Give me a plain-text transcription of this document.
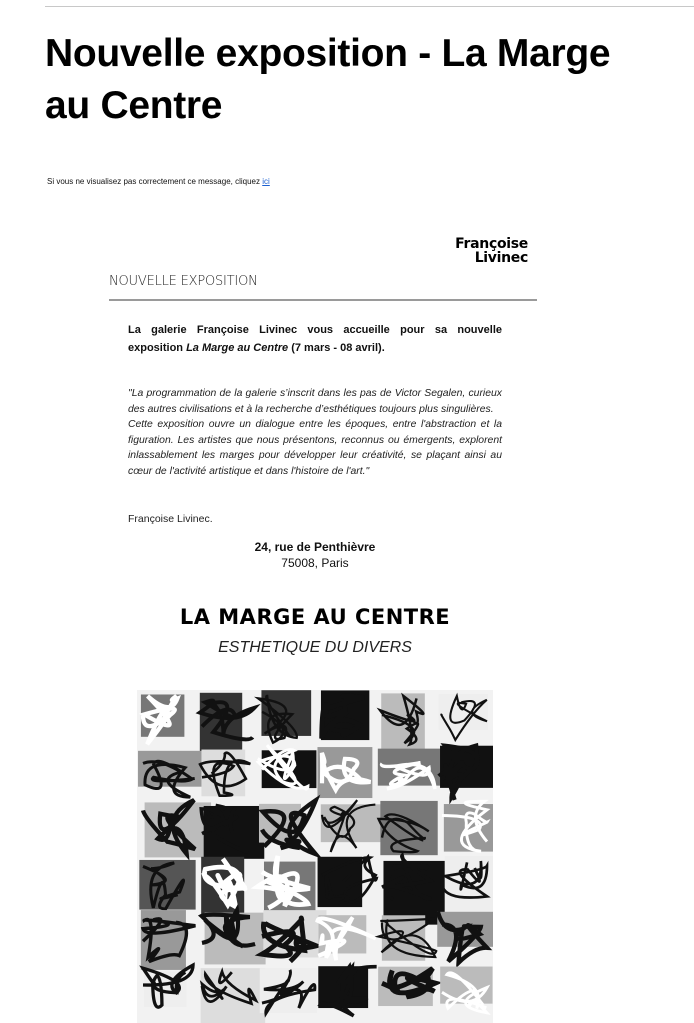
Nouvelle exposition - La Marge au Centre
Si vous ne visualisez pas correctement ce message, cliquez ici
Françoise
Livinec
NOUVELLE EXPOSITION
La galerie Françoise Livinec vous accueille pour sa nouvelle exposition La Marge au Centre (7 mars - 08 avril).

"La programmation de la galerie s’inscrit dans les pas de Victor Segalen, curieux des autres civilisations et à la recherche d’esthétiques toujours plus singulières.

Cette exposition ouvre un dialogue entre les époques, entre l'abstraction et la figuration. Les artistes que nous présentons, reconnus ou émergents, explorent inlassablement les marges pour développer leur créativité, se plaçant ainsi au cœur de l'activité artistique et dans l'histoire de l'art."

Françoise Livinec.
24, rue de Penthièvre
75008, Paris
LA MARGE AU CENTRE
ESTHETIQUE DU DIVERS
